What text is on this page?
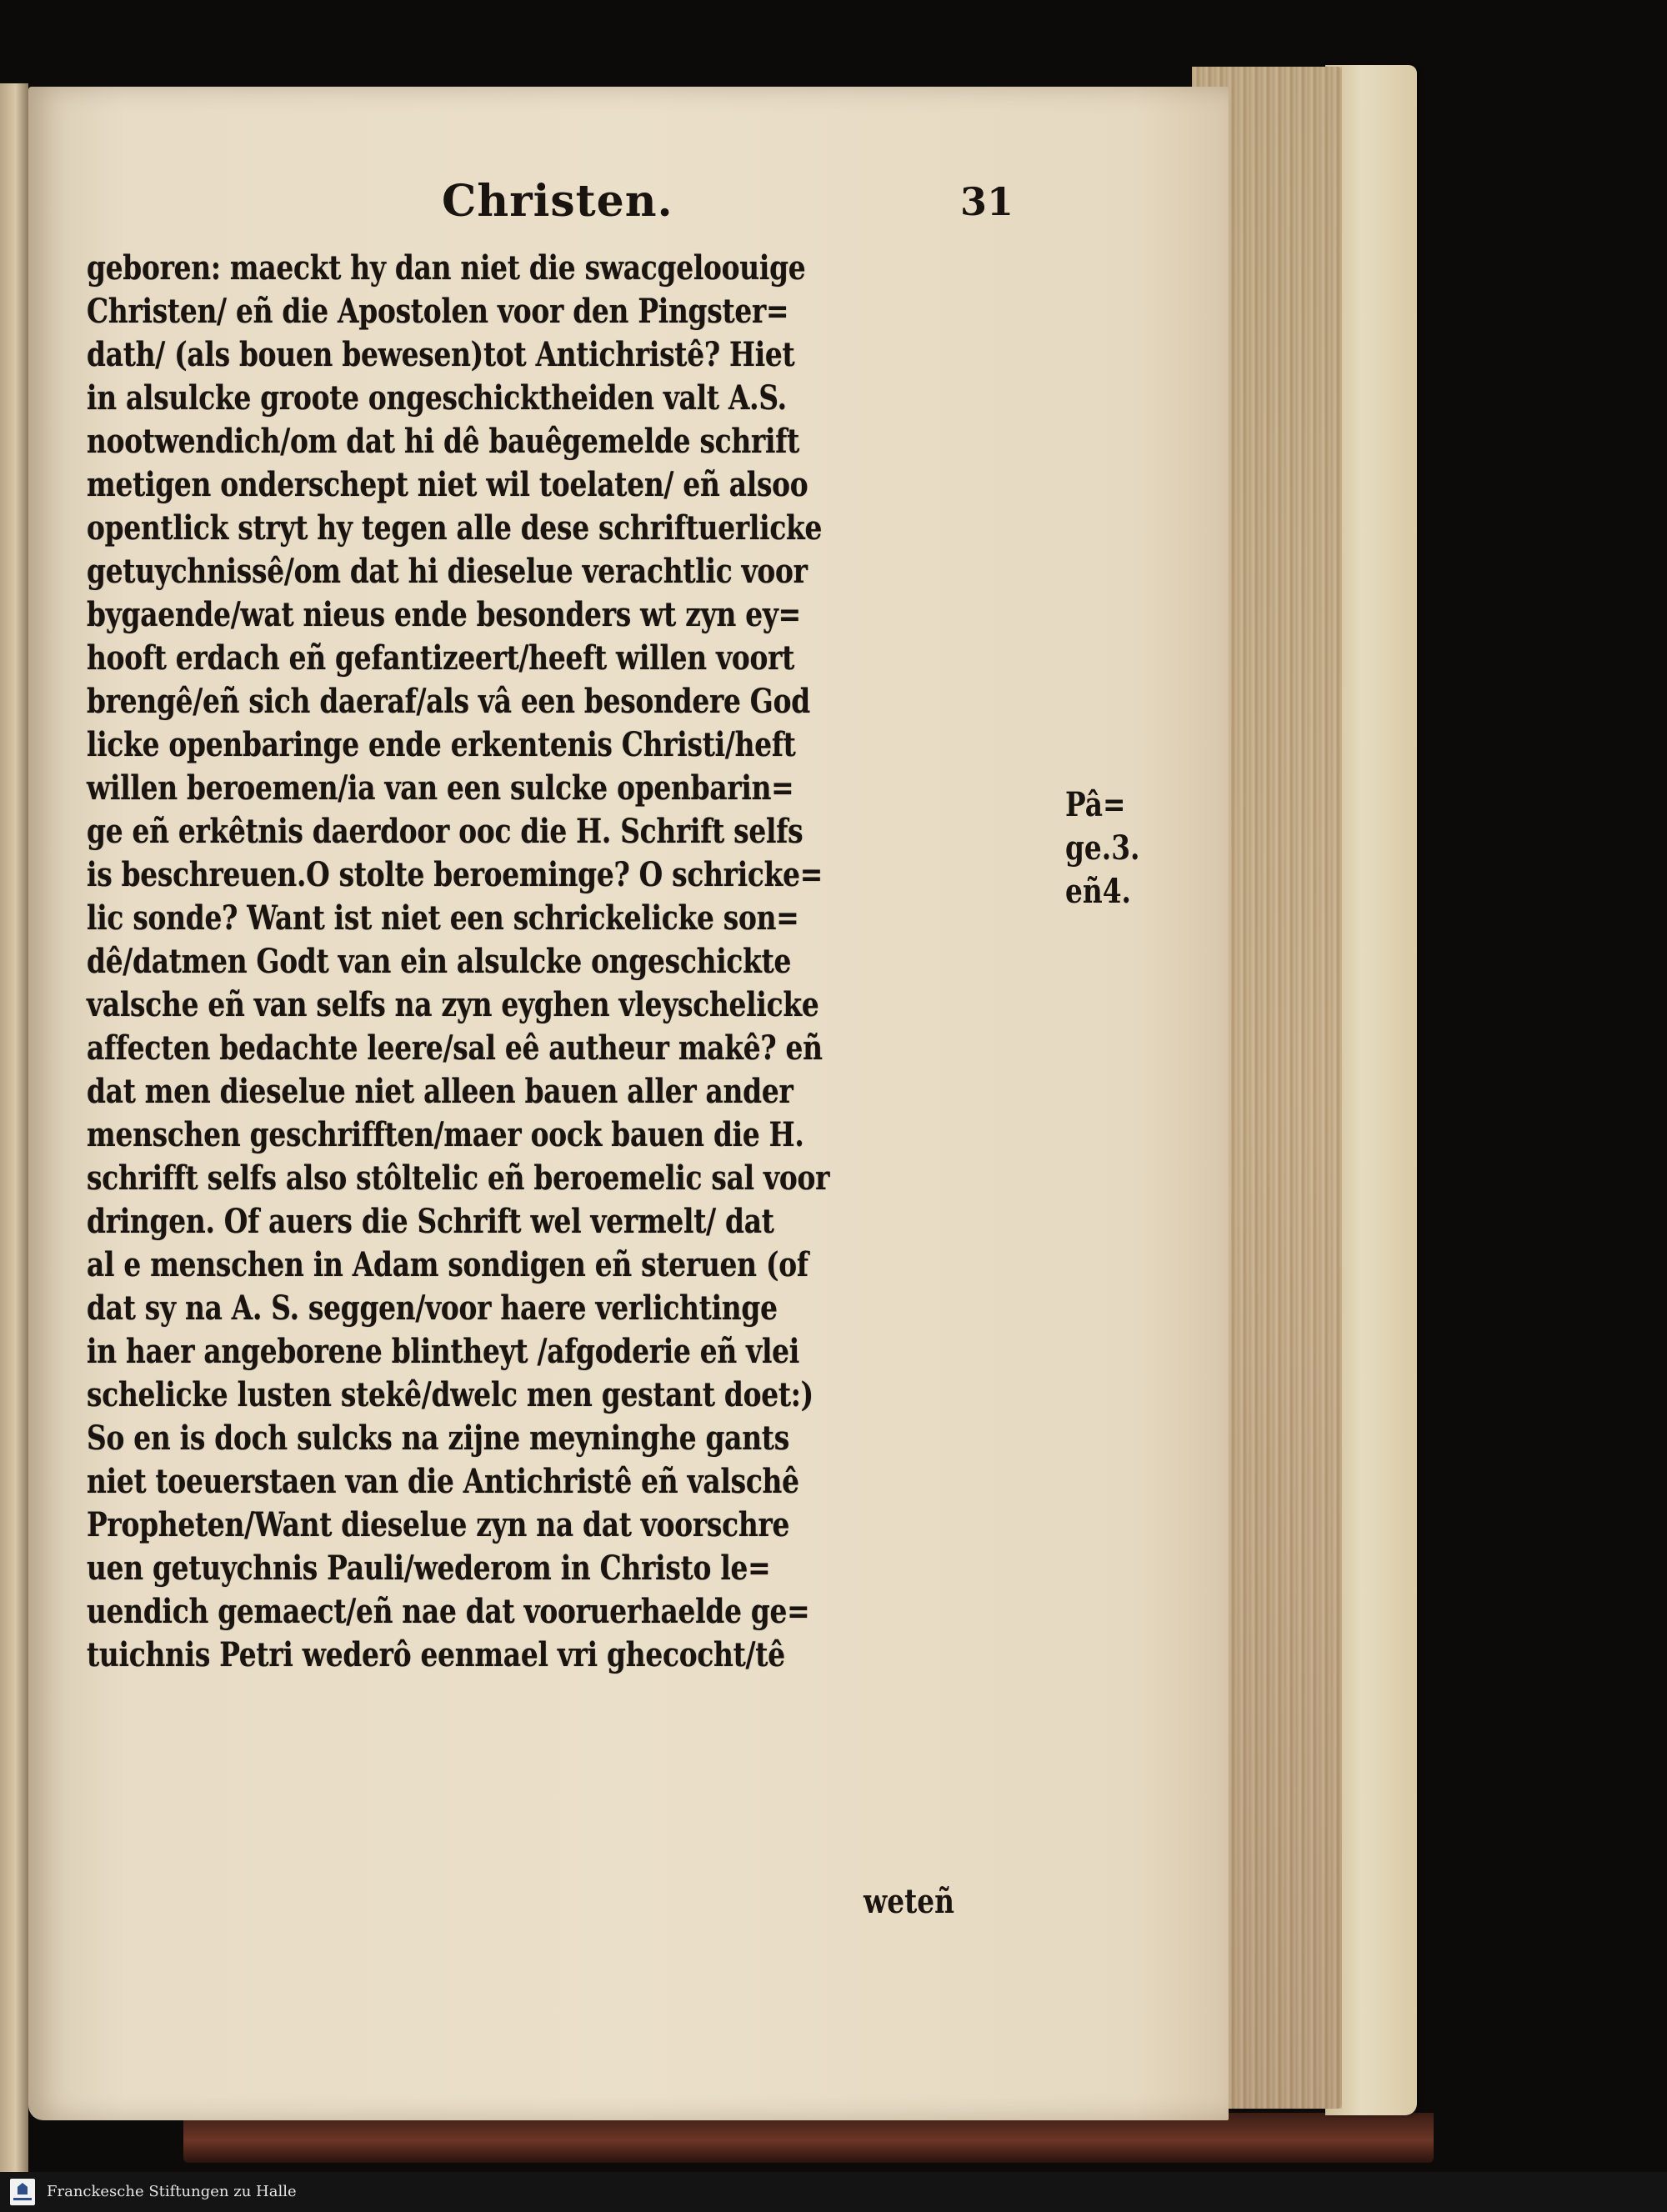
Christen.	31

geboren: maeckt hy dan niet die swacgeloouige

Christen/ eñ die Apostolen voor den Pingster=

dath/ (als bouen bewesen)tot Antichristê? Hiet

in alsulcke groote ongeschicktheiden valt A.S.

nootwendich/om dat hi dê bauêgemelde schrift

metigen onderschept niet wil toelaten/ eñ alsoo

opentlick stryt hy tegen alle dese schriftuerlicke

getuychnissê/om dat hi dieselue verachtlic voor

bygaende/wat nieus ende besonders wt zyn ey=

hooft erdach eñ gefantizeert/heeft willen voort

brengê/eñ sich daeraf/als vâ een besondere God

licke openbaringe ende erkentenis Christi/heft

willen beroemen/ia van een sulcke openbarin=

ge eñ erkêtnis daerdoor ooc die H. Schrift selfs

is beschreuen.O stolte beroeminge? O schricke=

lic sonde? Want ist niet een schrickelicke son=

dê/datmen Godt van ein alsulcke ongeschickte

valsche eñ van selfs na zyn eyghen vleyschelicke

affecten bedachte leere/sal eê autheur makê? eñ

dat men dieselue niet alleen bauen aller ander

menschen geschrifften/maer oock bauen die H.

schrifft selfs also stôltelic eñ beroemelic sal voor

dringen. Of auers die Schrift wel vermelt/ dat

al e menschen in Adam sondigen eñ steruen (of

dat sy na A. S. seggen/voor haere verlichtinge

in haer angeborene blintheyt /afgoderie eñ vlei

schelicke lusten stekê/dwelc men gestant doet:)

So en is doch sulcks na zijne meyninghe gants

niet toeuerstaen van die Antichristê eñ valschê

Propheten/Want dieselue zyn na dat voorschre

uen getuychnis Pauli/wederom in Christo le=

uendich gemaect/eñ nae dat vooruerhaelde ge=

tuichnis Petri wederô eenmael vri ghecocht/tê

Pâ=
ge.3.
eñ4.
weteñ
Franckesche Stiftungen zu Halle
